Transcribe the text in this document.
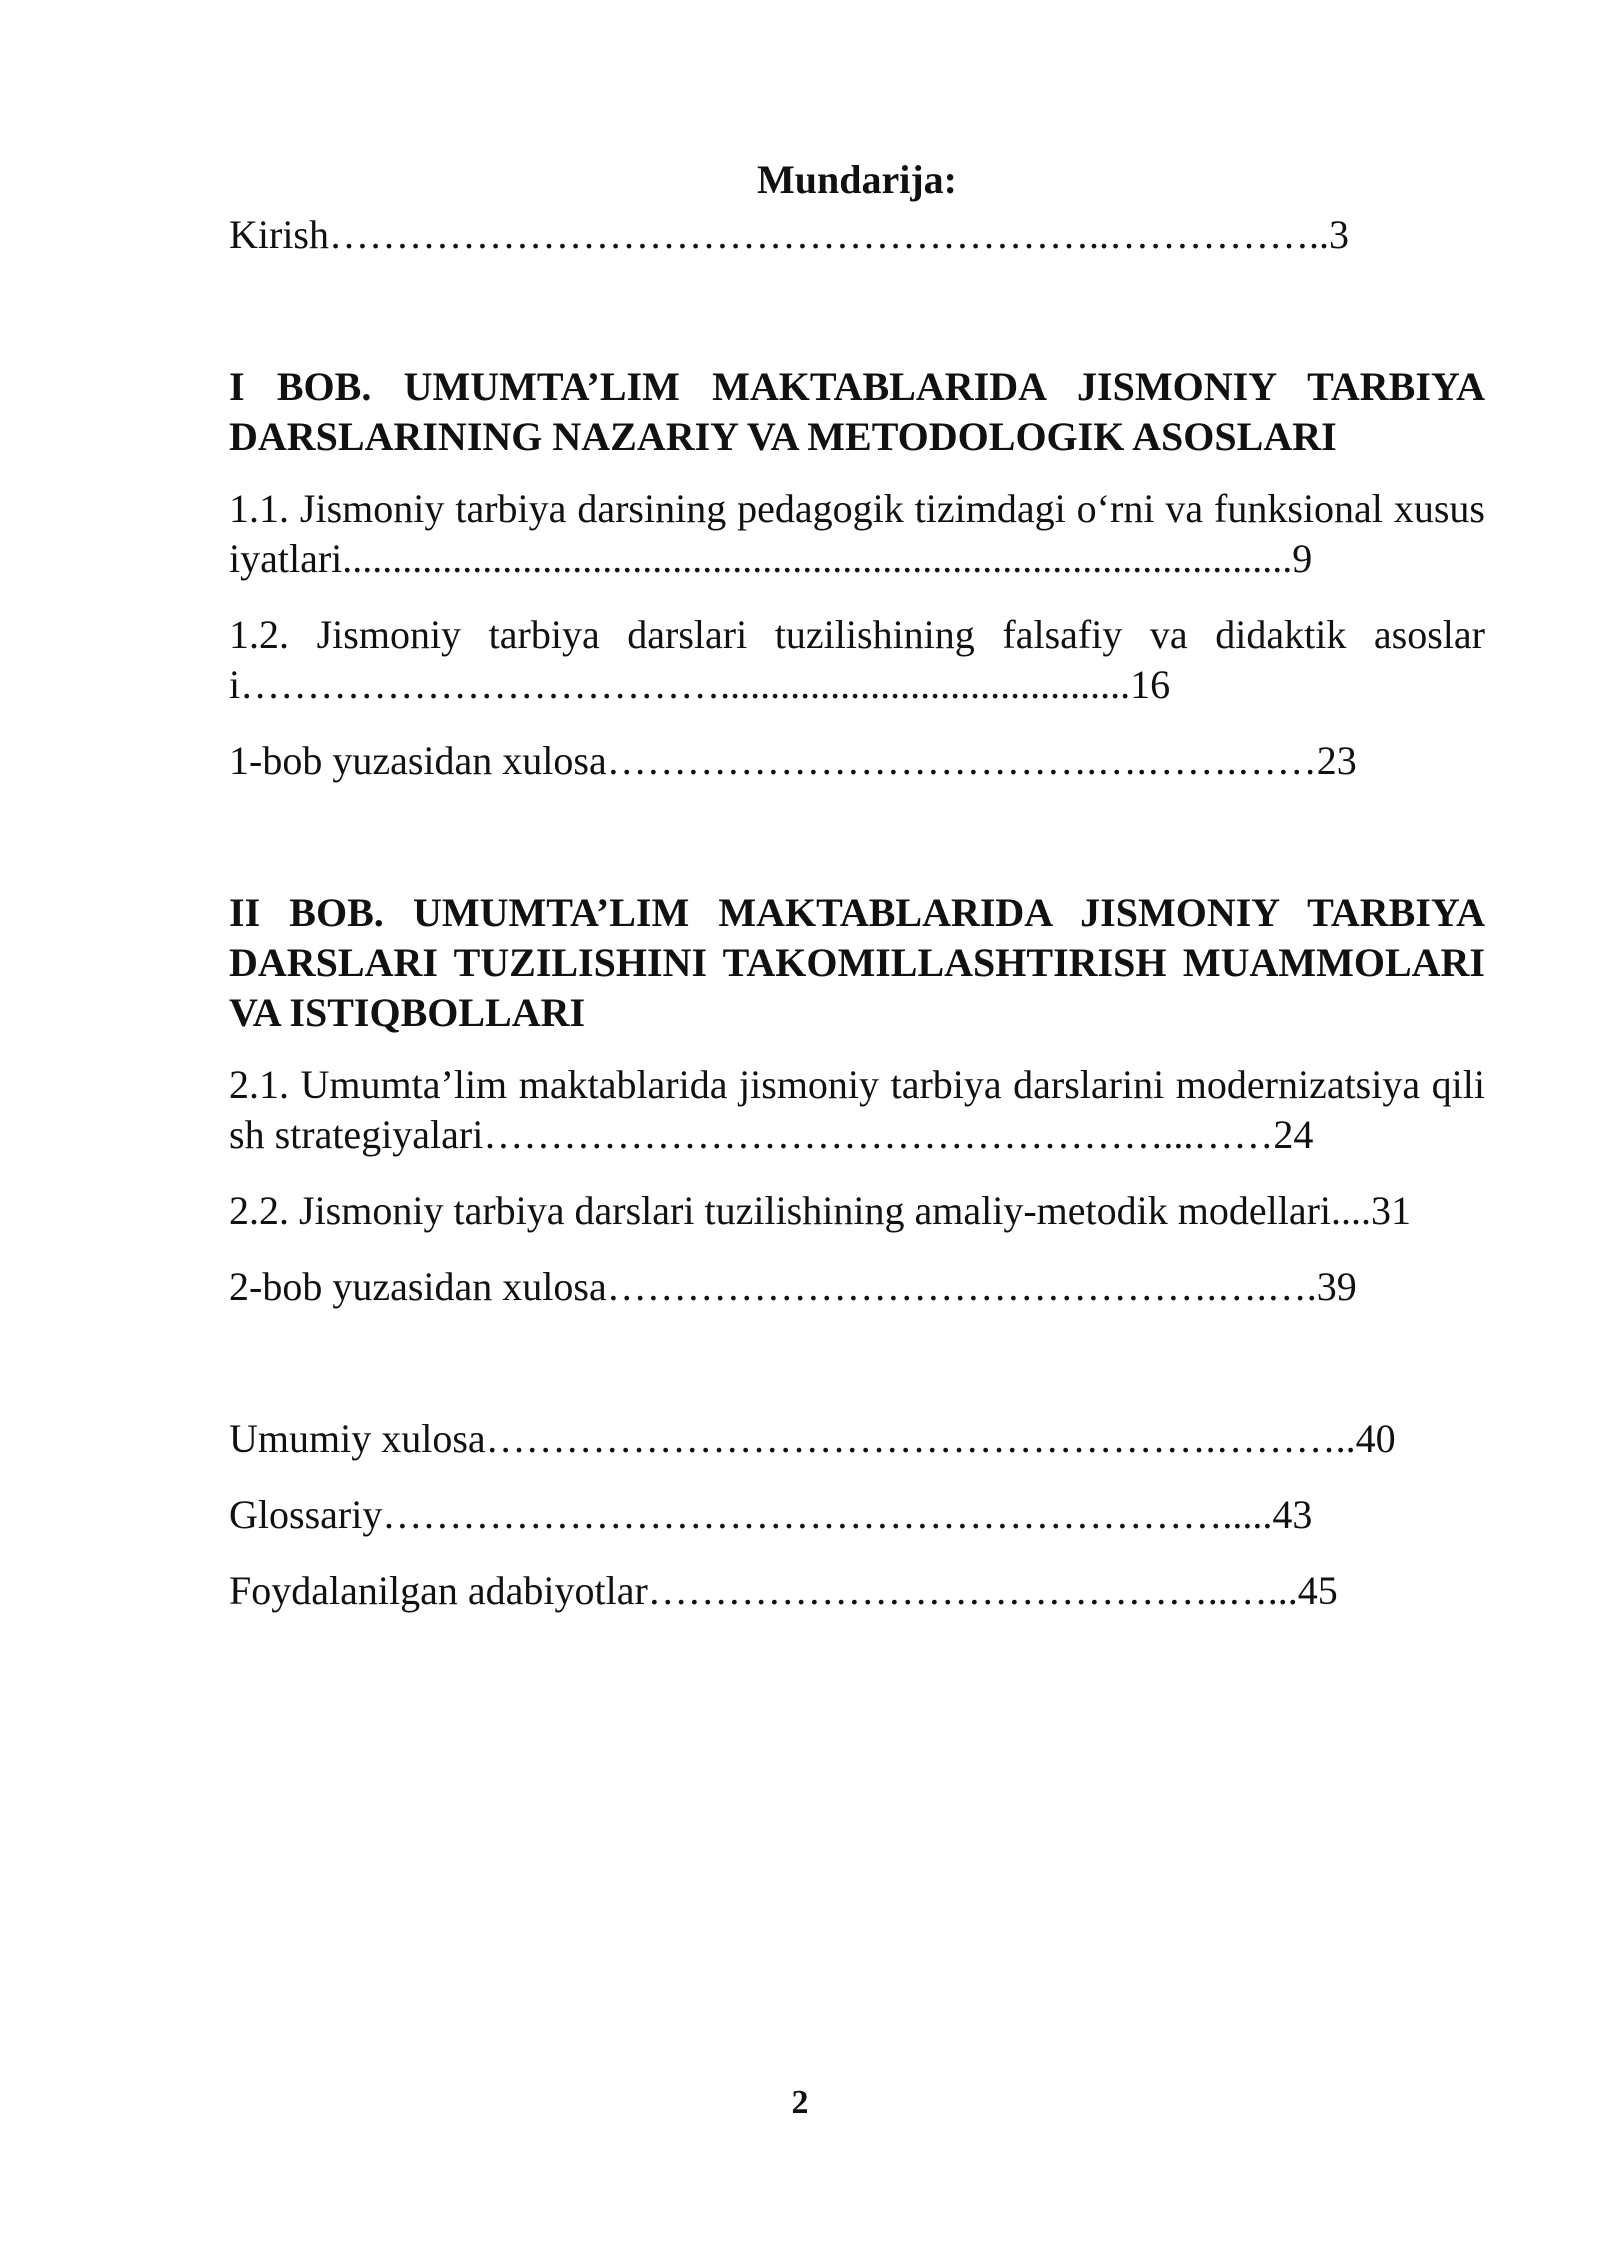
Mundarija:

Kirish…………………………………………………..……………..3

I BOB. UMUMTA’LIM MAKTABLARIDA JISMONIY TARBIYA DARSLARINING NAZARIY VA METODOLOGIK ASOSLARI

1.1. Jismoniy tarbiya darsining pedagogik tizimdagi o‘rni va funksional xususiyatlari...............................................................................................9

1.2. Jismoniy tarbiya darslari tuzilishining falsafiy va didaktik asoslari……………………………….........................................16

1-bob yuzasidan xulosa……………………………….….…….……23

II BOB. UMUMTA’LIM MAKTABLARIDA JISMONIY TARBIYA DARSLARI TUZILISHINI TAKOMILLASHTIRISH MUAMMOLARI VA ISTIQBOLLARI

2.1. Umumta’lim maktablarida jismoniy tarbiya darslarini modernizatsiya qilish strategiyalari……………………………………………...……24

2.2. Jismoniy tarbiya darslari tuzilishining amaliy-metodik modellari....31

2-bob yuzasidan xulosa……………………………………….….….39

Umumiy xulosa……………………………………………….………..40

Glossariy……………………………………………………….....43

Foydalanilgan adabiyotlar……………………………………..…...45

2
